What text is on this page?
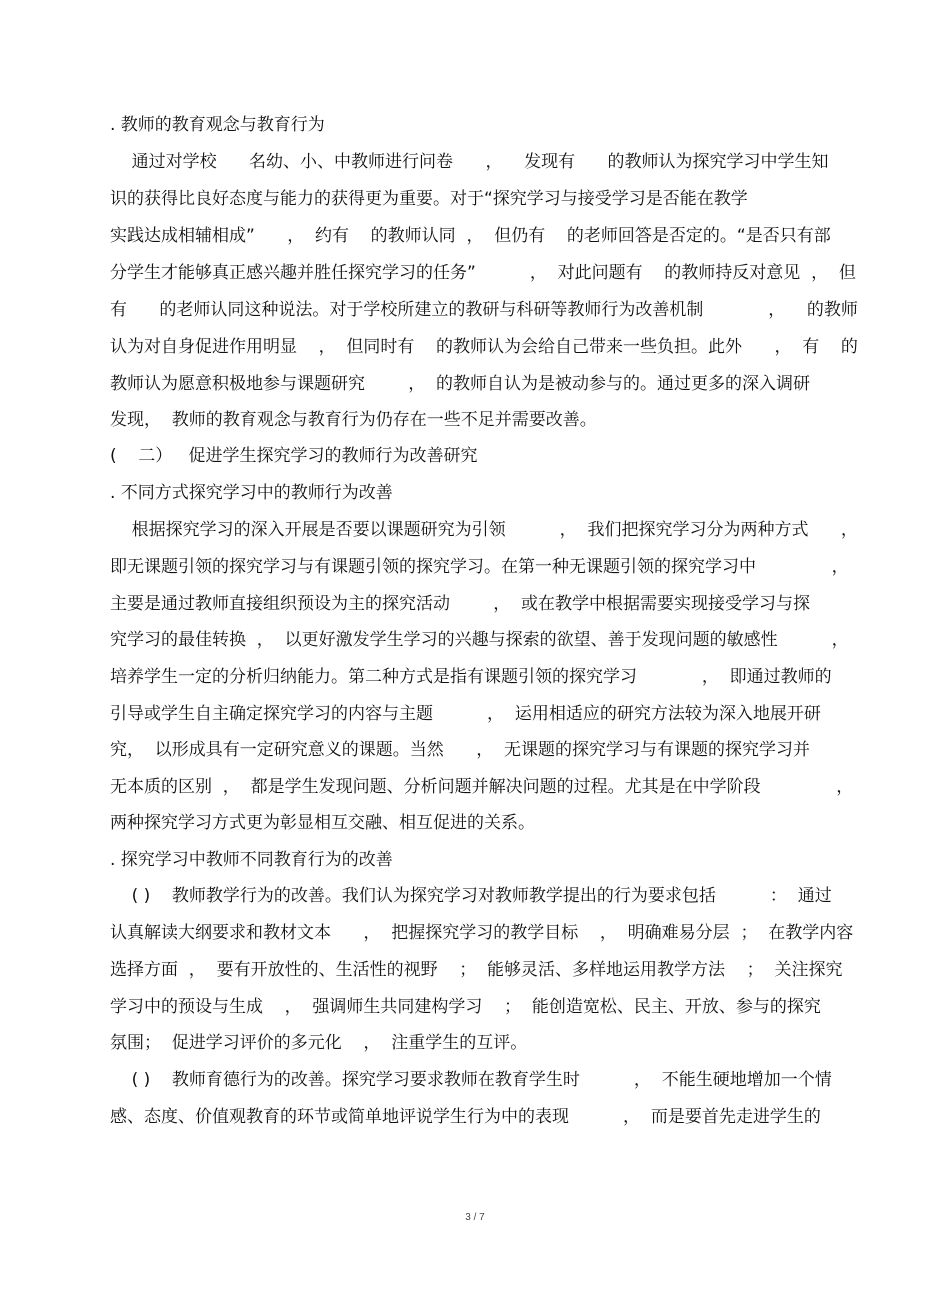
. 教师的教育观念与教育行为
通过对学校      名幼、小、中教师进行问卷      ，    发现有      的教师认为探究学习中学生知
识的获得比良好态度与能力的获得更为重要。对于“探究学习与接受学习是否能在教学
实践达成相辅相成”      ，  约有    的教师认同  ，  但仍有    的老师回答是否定的。“是否只有部
分学生才能够真正感兴趣并胜任探究学习的任务”          ，  对此问题有    的教师持反对意见  ，  但
有      的老师认同这种说法。对于学校所建立的教研与科研等教师行为改善机制            ，    的教师
认为对自身促进作用明显    ，  但同时有    的教师认为会给自己带来一些负担。此外      ，  有    的
教师认为愿意积极地参与课题研究        ，  的教师自认为是被动参与的。通过更多的深入调研
发现，  教师的教育观念与教育行为仍存在一些不足并需要改善。
(    二）   促进学生探究学习的教师行为改善研究
. 不同方式探究学习中的教师行为改善
根据探究学习的深入开展是否要以课题研究为引领          ，  我们把探究学习分为两种方式      ，
即无课题引领的探究学习与有课题引领的探究学习。在第一种无课题引领的探究学习中              ，
主要是通过教师直接组织预设为主的探究活动        ，  或在教学中根据需要实现接受学习与探
究学习的最佳转换  ，  以更好激发学生学习的兴趣与探索的欲望、善于发现问题的敏感性          ，
培养学生一定的分析归纳能力。第二种方式是指有课题引领的探究学习            ，  即通过教师的
引导或学生自主确定探究学习的内容与主题          ，  运用相适应的研究方法较为深入地展开研
究，  以形成具有一定研究意义的课题。当然      ，  无课题的探究学习与有课题的探究学习并
无本质的区别  ，  都是学生发现问题、分析问题并解决问题的过程。尤其是在中学阶段              ，
两种探究学习方式更为彰显相互交融、相互促进的关系。
. 探究学习中教师不同教育行为的改善
( )    教师教学行为的改善。我们认为探究学习对教师教学提出的行为要求包括          ：  通过
认真解读大纲要求和教材文本      ，  把握探究学习的教学目标    ，  明确难易分层  ；  在教学内容
选择方面  ，  要有开放性的、生活性的视野    ；  能够灵活、多样地运用教学方法    ；  关注探究
学习中的预设与生成    ，  强调师生共同建构学习    ；  能创造宽松、民主、开放、参与的探究
氛围；  促进学习评价的多元化    ，  注重学生的互评。
( )    教师育德行为的改善。探究学习要求教师在教育学生时          ，  不能生硬地增加一个情
感、态度、价值观教育的环节或简单地评说学生行为中的表现          ，  而是要首先走进学生的
3 / 7
